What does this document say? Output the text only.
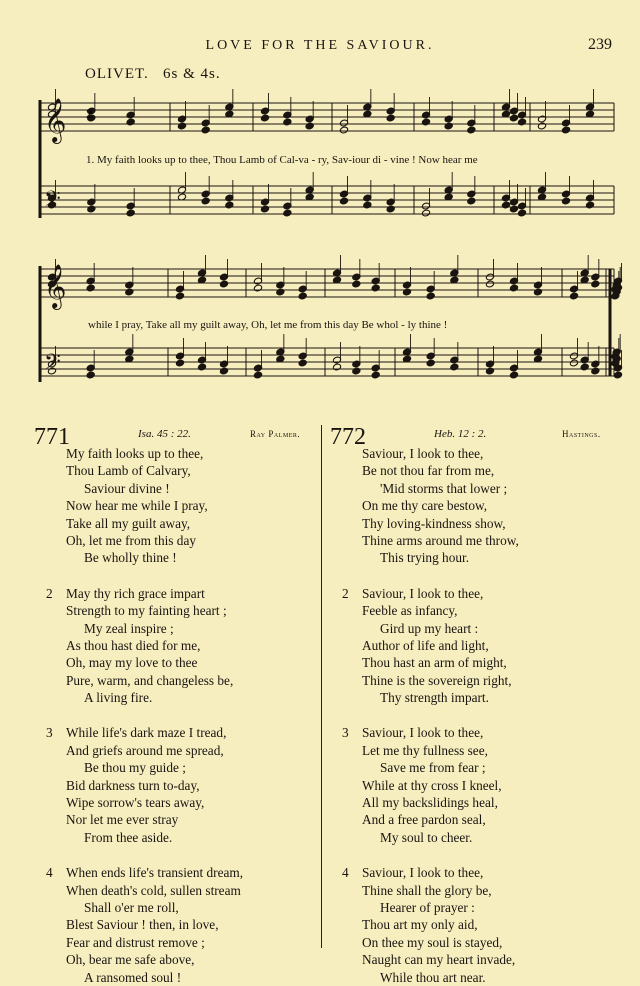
LOVE FOR THE SAVIOUR.	239
OLIVET. 6s & 4s.
𝄞
𝄢
𝄞
𝄢
2
1. My faith looks up to thee, Thou Lamb of Cal-va - ry, Sav-iour di - vine ! Now hear me
while I pray, Take all my guilt away, Oh, let me from this day Be whol - ly thine !
771	Isa. 45 : 22.	Ray Palmer.
My faith looks up to thee,
Thou Lamb of Calvary,
Saviour divine !
Now hear me while I pray,
Take all my guilt away,
Oh, let me from this day
Be wholly thine !
2 May thy rich grace impart
Strength to my fainting heart ;
My zeal inspire ;
As thou hast died for me,
Oh, may my love to thee
Pure, warm, and changeless be,
A living fire.
3 While life's dark maze I tread,
And griefs around me spread,
Be thou my guide ;
Bid darkness turn to-day,
Wipe sorrow's tears away,
Nor let me ever stray
From thee aside.
4 When ends life's transient dream,
When death's cold, sullen stream
Shall o'er me roll,
Blest Saviour ! then, in love,
Fear and distrust remove ;
Oh, bear me safe above,
A ransomed soul !
772	Heb. 12 : 2.	Hastings.
Saviour, I look to thee,
Be not thou far from me,
'Mid storms that lower ;
On me thy care bestow,
Thy loving-kindness show,
Thine arms around me throw,
This trying hour.
2 Saviour, I look to thee,
Feeble as infancy,
Gird up my heart :
Author of life and light,
Thou hast an arm of might,
Thine is the sovereign right,
Thy strength impart.
3 Saviour, I look to thee,
Let me thy fullness see,
Save me from fear ;
While at thy cross I kneel,
All my backslidings heal,
And a free pardon seal,
My soul to cheer.
4 Saviour, I look to thee,
Thine shall the glory be,
Hearer of prayer :
Thou art my only aid,
On thee my soul is stayed,
Naught can my heart invade,
While thou art near.
